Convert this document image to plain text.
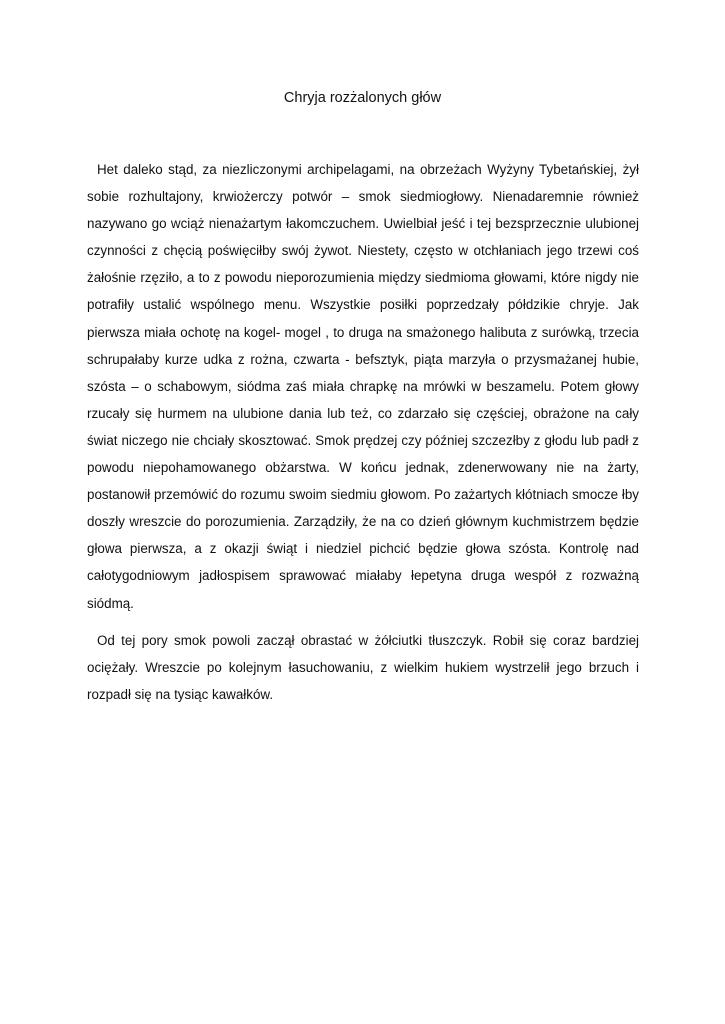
Chryja rozżalonych głów

Het daleko stąd, za niezliczonymi archipelagami, na obrzeżach Wyżyny Tybetańskiej, żył sobie rozhultajony, krwiożerczy potwór – smok siedmiogłowy. Nienadaremnie również nazywano go wciąż nienażartym łakomczuchem. Uwielbiał jeść i tej bezsprzecznie ulubionej czynności z chęcią poświęciłby swój żywot. Niestety, często w otchłaniach jego trzewi coś żałośnie rzęziło, a to z powodu nieporozumienia między siedmioma głowami, które nigdy nie potrafiły ustalić wspólnego menu. Wszystkie posiłki poprzedzały półdzikie chryje. Jak pierwsza miała ochotę na kogel- mogel , to druga na smażonego halibuta z surówką, trzecia schrupałaby kurze udka z rożna, czwarta - befsztyk, piąta marzyła o przysmażanej hubie, szósta – o schabowym, siódma zaś miała chrapkę na mrówki w beszamelu. Potem głowy rzucały się hurmem na ulubione dania lub też, co zdarzało się częściej, obrażone na cały świat niczego nie chciały skosztować. Smok prędzej czy później szczezłby z głodu lub padł z powodu niepohamowanego obżarstwa. W końcu jednak, zdenerwowany nie na żarty, postanowił przemówić do rozumu swoim siedmiu głowom. Po zażartych kłótniach smocze łby doszły wreszcie do porozumienia. Zarządziły, że na co dzień głównym kuchmistrzem będzie głowa pierwsza, a z okazji świąt i niedziel pichcić będzie głowa szósta. Kontrolę nad całotygodniowym jadłospisem sprawować miałaby łepetyna druga wespół z rozważną siódmą.

Od tej pory smok powoli zaczął obrastać w żółciutki tłuszczyk. Robił się coraz bardziej ociężały. Wreszcie po kolejnym łasuchowaniu, z wielkim hukiem wystrzelił jego brzuch i rozpadł się na tysiąc kawałków.
